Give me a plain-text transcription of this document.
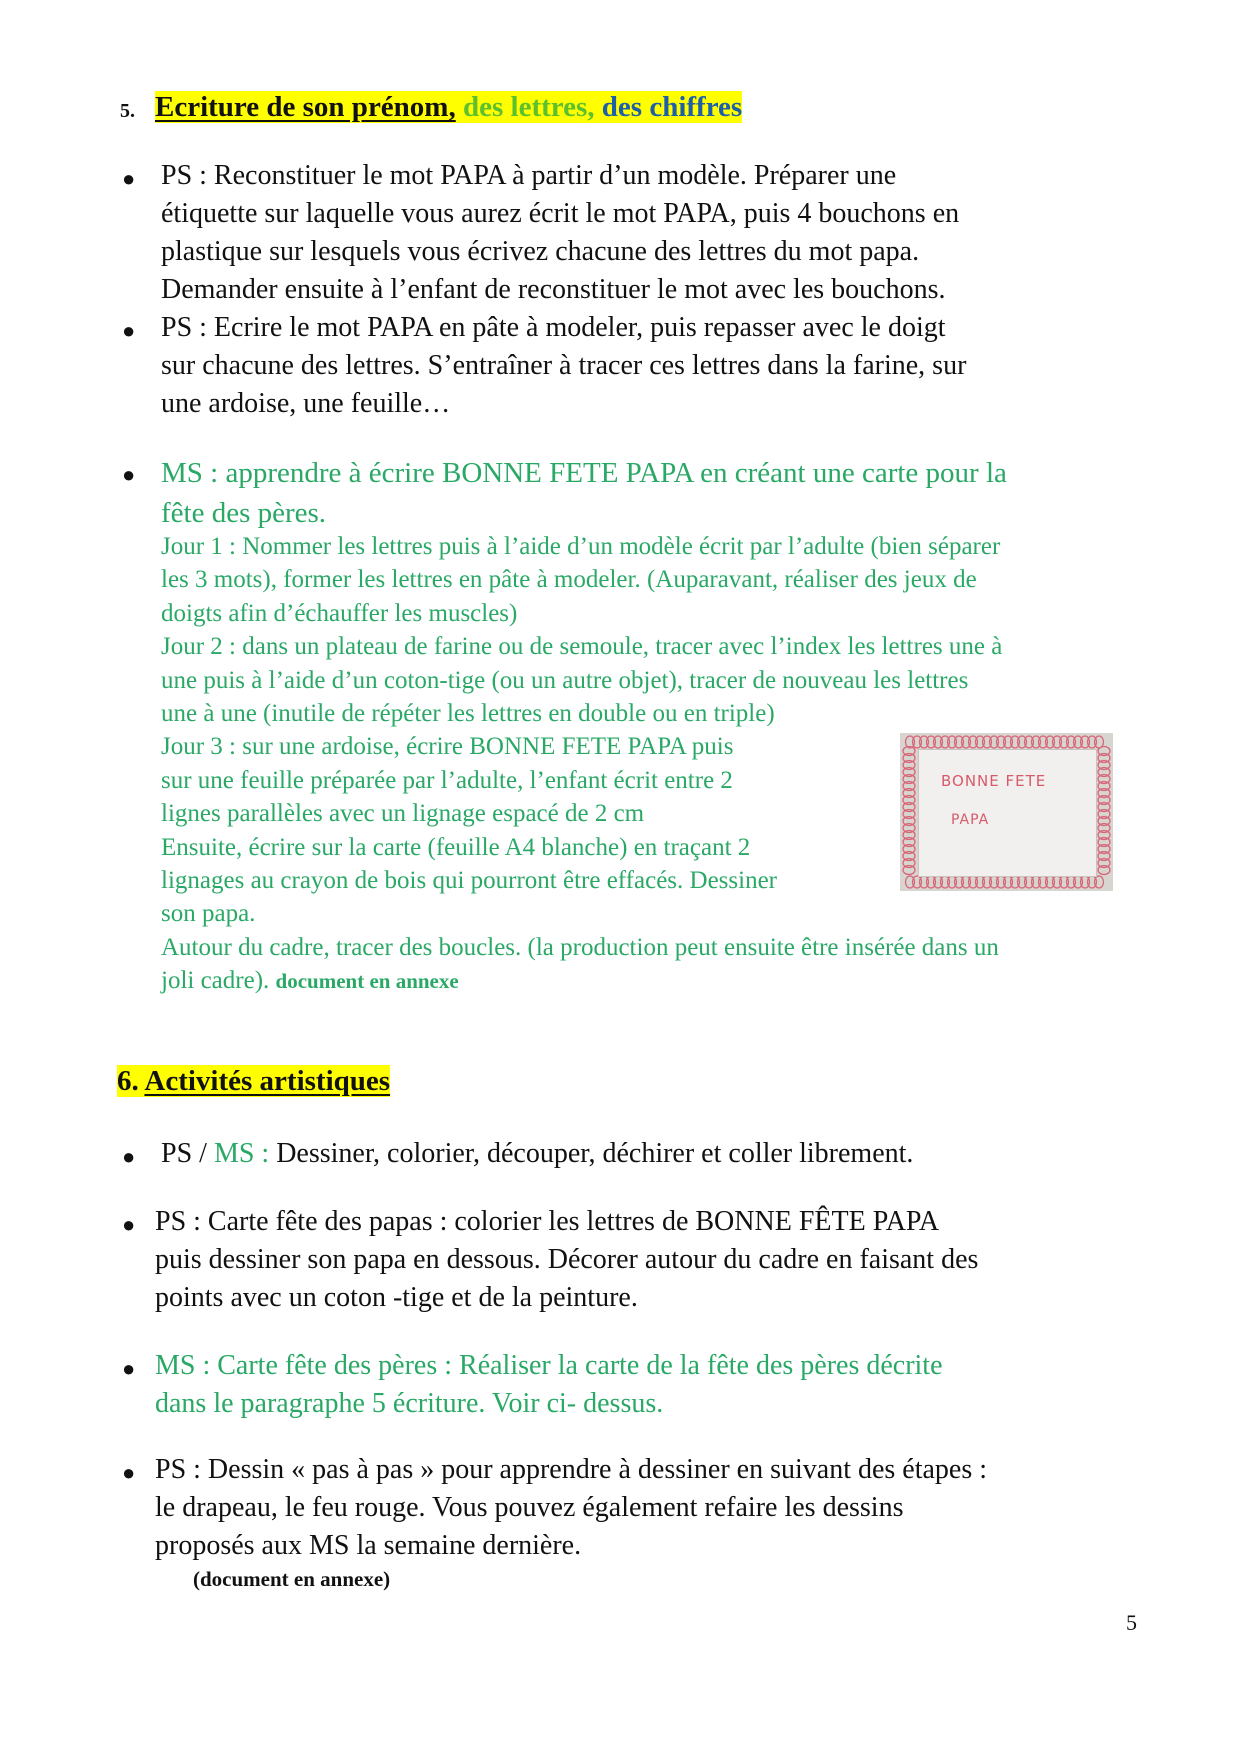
5. Ecriture de son prénom, des lettres, des chiffres
● PS : Reconstituer le mot PAPA à partir d’un modèle. Préparer une
étiquette sur laquelle vous aurez écrit le mot PAPA, puis 4 bouchons en
plastique sur lesquels vous écrivez chacune des lettres du mot papa.
Demander ensuite à l’enfant de reconstituer le mot avec les bouchons.
● PS : Ecrire le mot PAPA en pâte à modeler, puis repasser avec le doigt
sur chacune des lettres. S’entraîner à tracer ces lettres dans la farine, sur
une ardoise, une feuille…
● MS : apprendre à écrire BONNE FETE PAPA en créant une carte pour la
fête des pères.
Jour 1 : Nommer les lettres puis à l’aide d’un modèle écrit par l’adulte (bien séparer
les 3 mots), former les lettres en pâte à modeler. (Auparavant, réaliser des jeux de
doigts afin d’échauffer les muscles)
Jour 2 : dans un plateau de farine ou de semoule, tracer avec l’index les lettres une à
une puis à l’aide d’un coton-tige (ou un autre objet), tracer de nouveau les lettres
une à une (inutile de répéter les lettres en double ou en triple)
Jour 3 : sur une ardoise, écrire BONNE FETE PAPA puis
sur une feuille préparée par l’adulte, l’enfant écrit entre 2
lignes parallèles avec un lignage espacé de 2 cm
Ensuite, écrire sur la carte (feuille A4 blanche) en traçant 2
lignages au crayon de bois qui pourront être effacés. Dessiner
son papa.
Autour du cadre, tracer des boucles. (la production peut ensuite être insérée dans un
joli cadre). document en annexe
BONNE FETE
PAPA
6. Activités artistiques
● PS / MS : Dessiner, colorier, découper, déchirer et coller librement.
● PS : Carte fête des papas : colorier les lettres de BONNE FÊTE PAPA
puis dessiner son papa en dessous. Décorer autour du cadre en faisant des
points avec un coton -tige et de la peinture.
● MS : Carte fête des pères : Réaliser la carte de la fête des pères décrite
dans le paragraphe 5 écriture. Voir ci- dessus.
● PS : Dessin « pas à pas » pour apprendre à dessiner en suivant des étapes :
le drapeau, le feu rouge. Vous pouvez également refaire les dessins
proposés aux MS la semaine dernière.
(document en annexe)
5
